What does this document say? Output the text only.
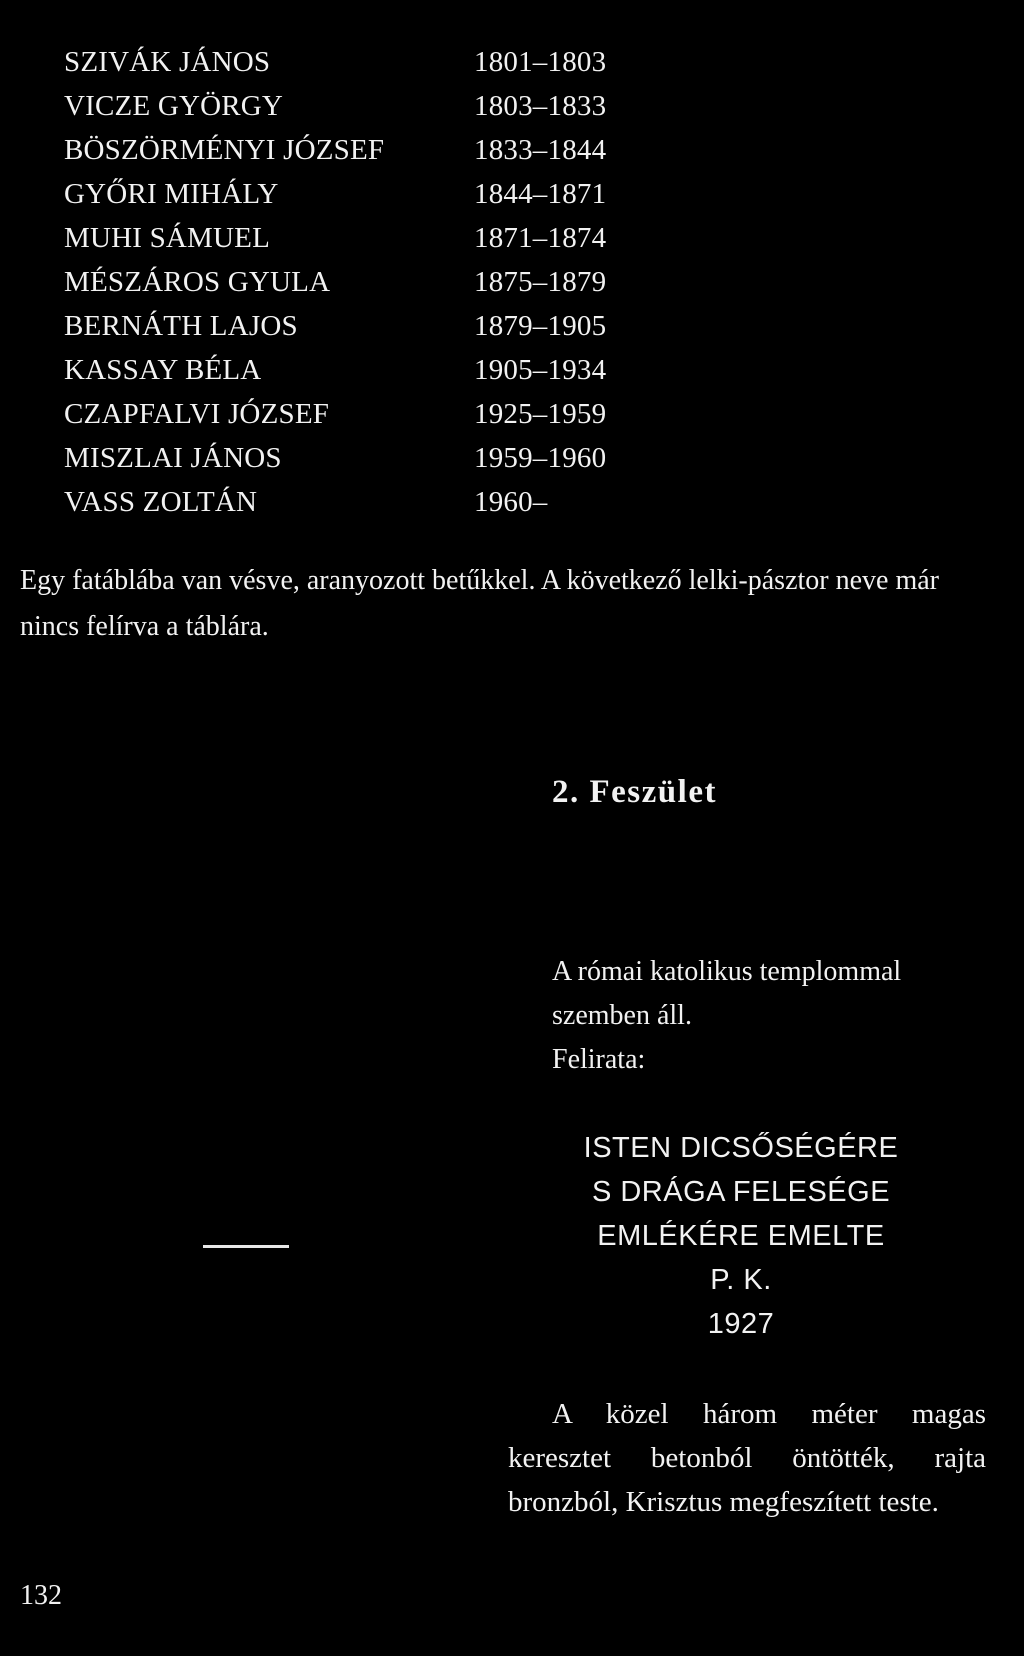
SZIVÁK JÁNOS	1801–1803
VICZE GYÖRGY	1803–1833
BÖSZÖRMÉNYI JÓZSEF	1833–1844
GYŐRI MIHÁLY	1844–1871
MUHI SÁMUEL	1871–1874
MÉSZÁROS GYULA	1875–1879
BERNÁTH LAJOS	1879–1905
KASSAY BÉLA	1905–1934
CZAPFALVI JÓZSEF	1925–1959
MISZLAI JÁNOS	1959–1960
VASS ZOLTÁN	1960–

Egy fatáblába van vésve, aranyozott betűkkel. A következő lelki-pásztor neve már nincs felírva a táblára.

2. Feszület

A római katolikus templommal szemben áll.

Felirata:

ISTEN DICSŐSÉGÉRE
S DRÁGA FELESÉGE
EMLÉKÉRE EMELTE
P. K.
1927

A közel három méter magas keresztet betonból öntötték, rajta bronzból, Krisztus megfeszített teste.

132
